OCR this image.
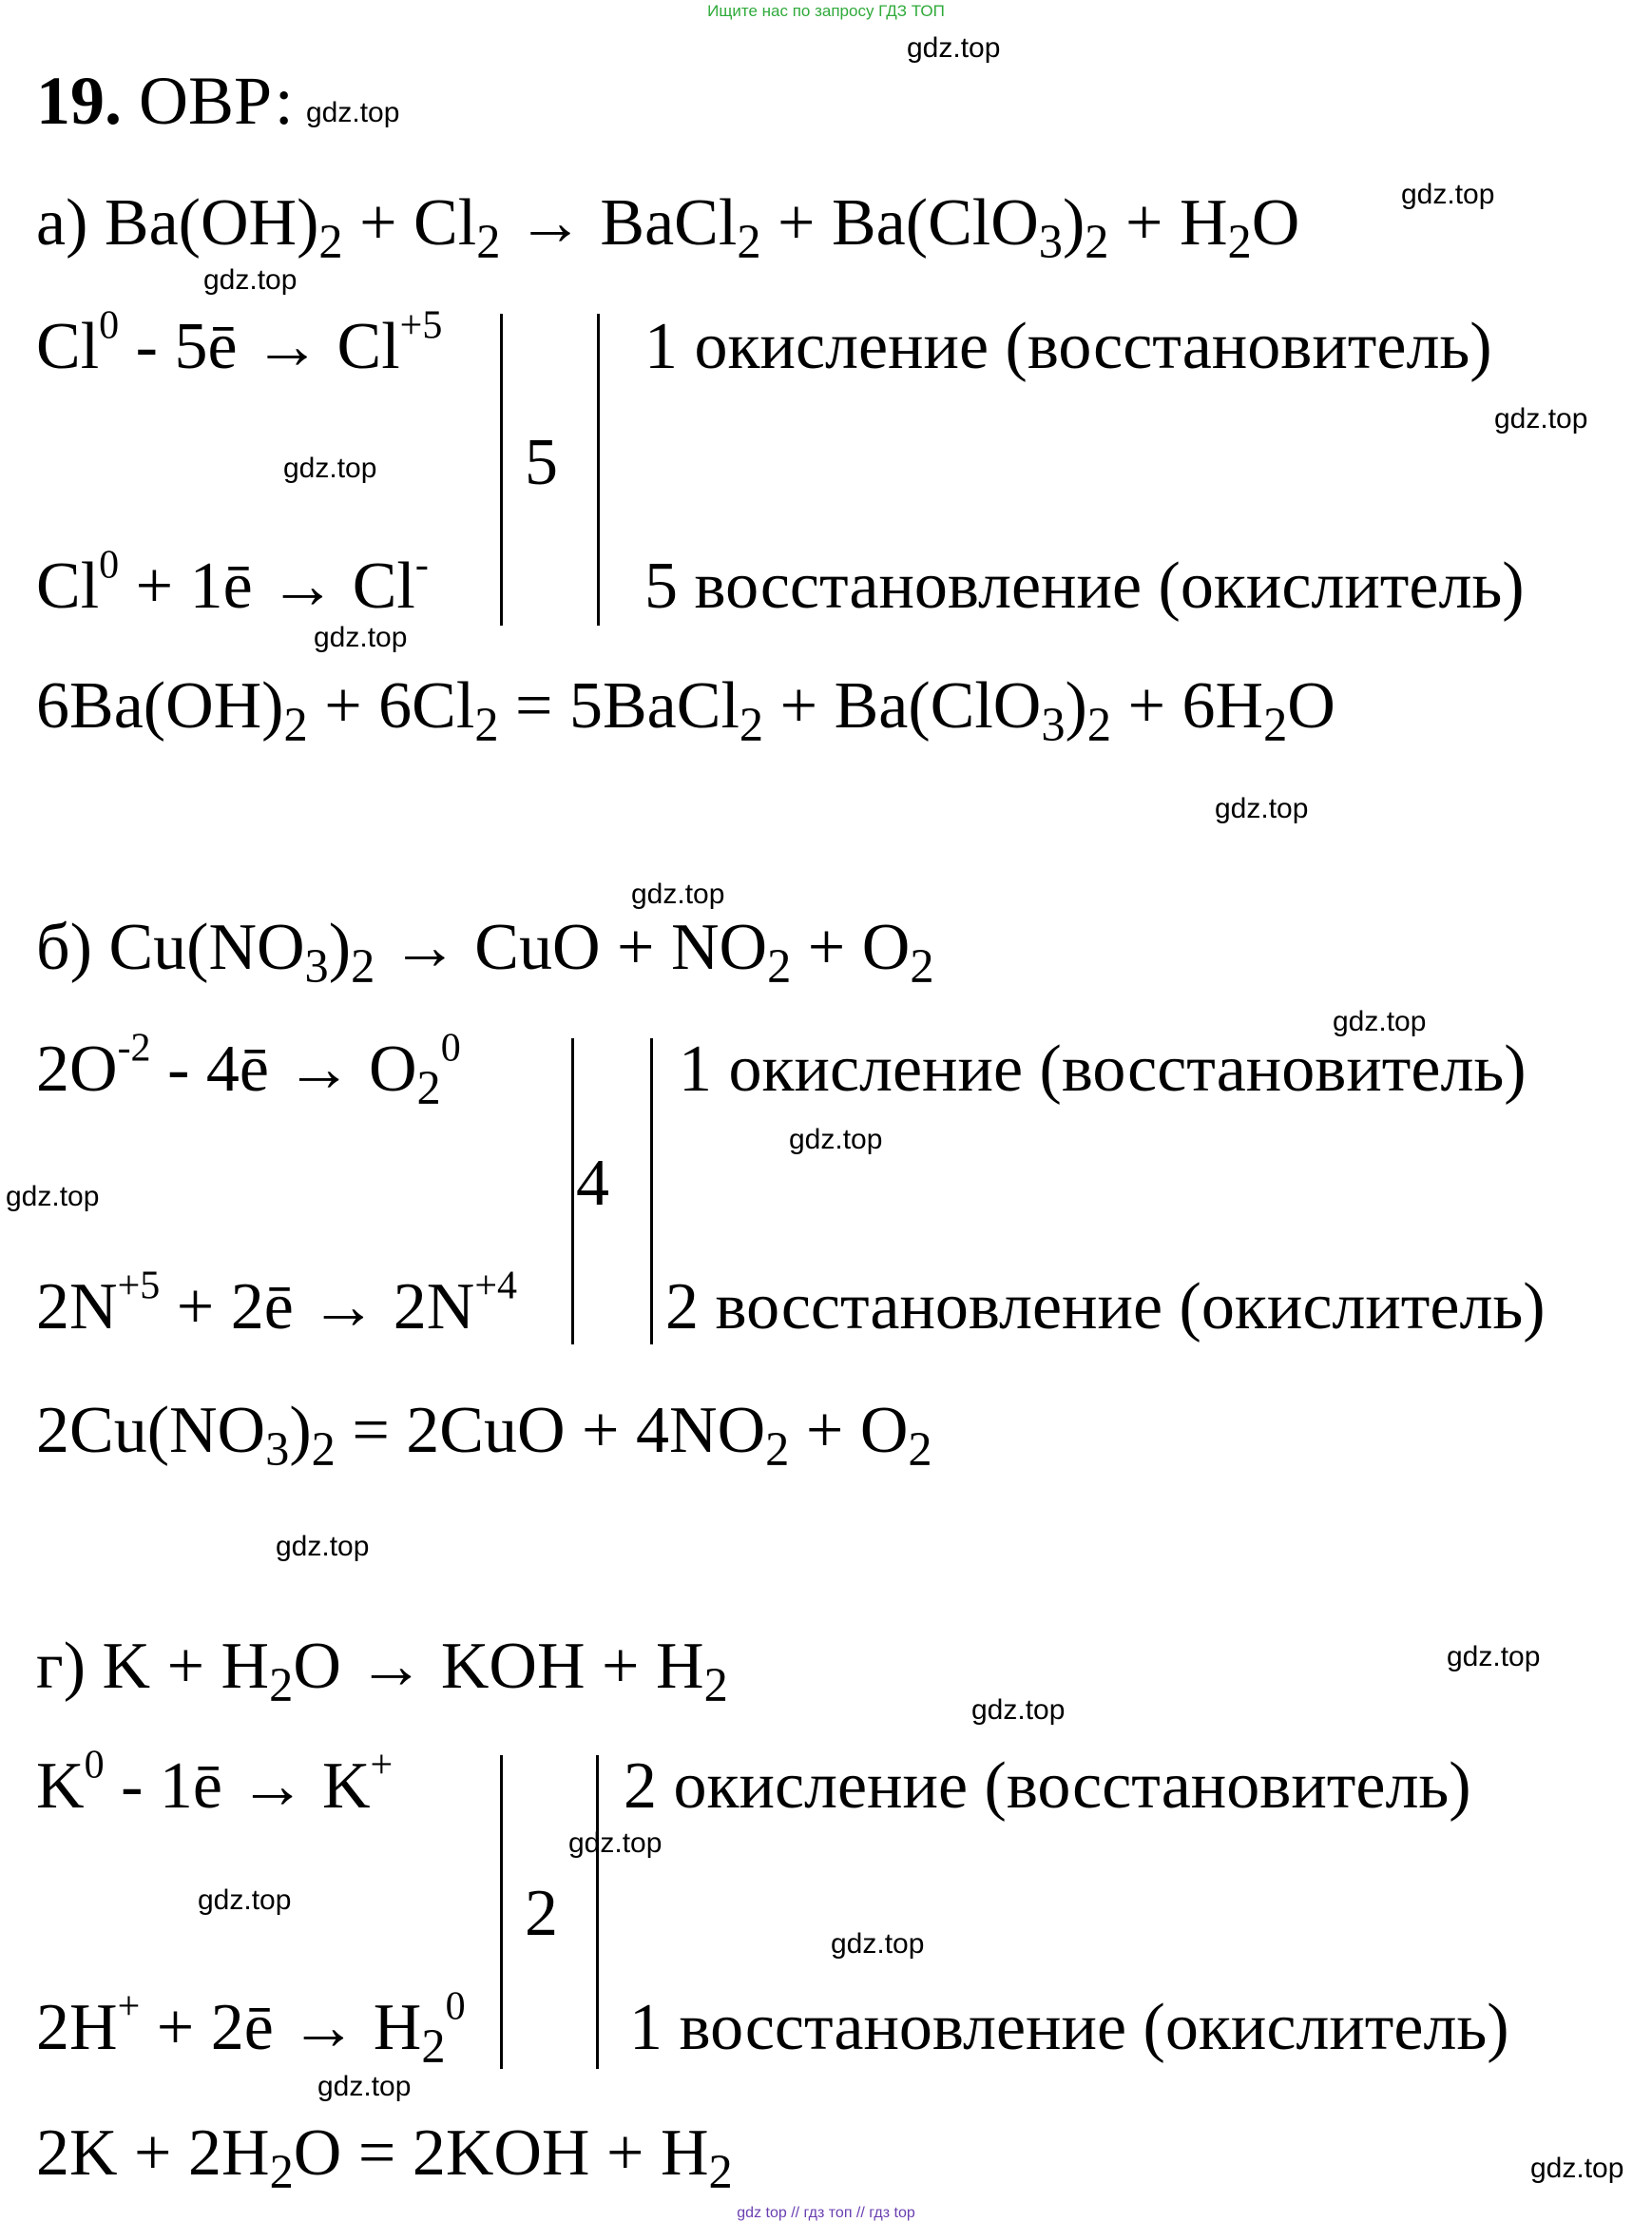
Ищите нас по запросу ГДЗ ТОП
19. ОВР:
а) $Ba(OH)_2 + Cl_2$ → BaCl$_2$ + $Ba(ClO_3)_2 + H_2O$
Cl$^0$ - 5ē → $Cl^{+5}$
$Cl^0$ + 1ē → Cl-
5
1 окисление (восстановитель)
5 восстановление (окислитель)
$6Ba(OH)_2 + 6Cl_2$ = 5BaCl$_2$ + $Ba(ClO_3)_2 + 6H_2O$
б) $Cu(NO_3)_2$ → CuO + $NO_2 + O_2$
$2O^{-2}$ - 4ē → $O_2^0$
$2N^{+5}$ + 2ē → $2N^{+4}$
4
1 окисление (восстановитель)
2 восстановление (окислитель)
$2Cu(NO_3)_2 = 2CuO + 4NO_2 + O_2$
г) $K + H_2O$ → KOH + $H_2$
$K^0$ - 1ē → K+
2H+ + 2ē → $H_2^0$
2
2 окисление (восстановитель)
1 восстановление (окислитель)
$2K + 2H_2O = 2KOH + H_2$
gdz.top
gdz.top
gdz.top
gdz.top
gdz.top
gdz.top
gdz.top
gdz.top
gdz.top
gdz.top
gdz.top
gdz.top
gdz.top
gdz.top
gdz.top
gdz.top
gdz.top
gdz.top
gdz.top
gdz.top
gdz top // гдз топ // гдз top
